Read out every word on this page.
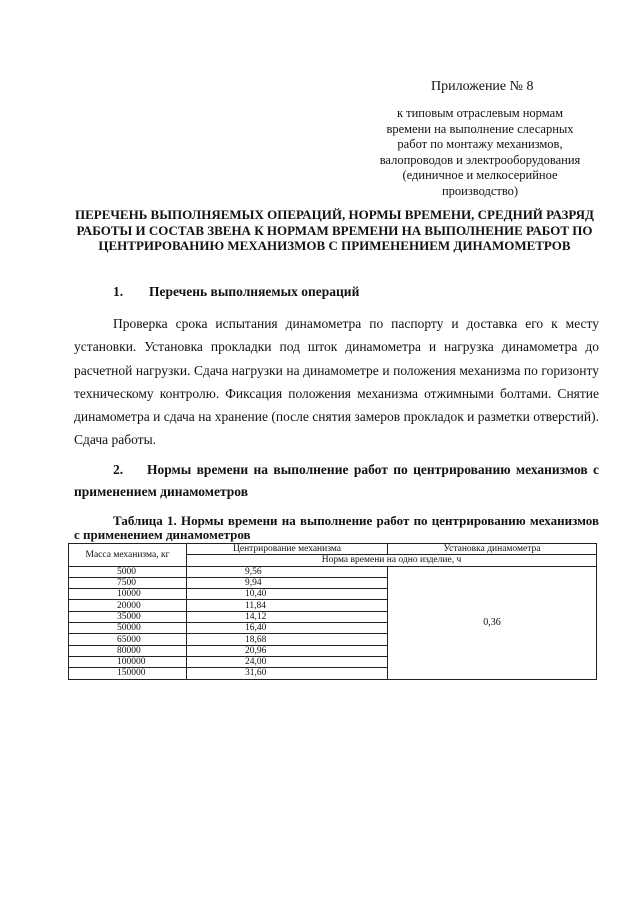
Приложение № 8
к типовым отраслевым нормам
времени на выполнение слесарных
работ по монтажу механизмов,
валопроводов и электрооборудования
(единичное и мелкосерийное
производство)
ПЕРЕЧЕНЬ ВЫПОЛНЯЕМЫХ ОПЕРАЦИЙ, НОРМЫ ВРЕМЕНИ, СРЕДНИЙ РАЗРЯД РАБОТЫ И СОСТАВ ЗВЕНА К НОРМАМ ВРЕМЕНИ НА ВЫПОЛНЕНИЕ РАБОТ ПО ЦЕНТРИРОВАНИЮ МЕХАНИЗМОВ С ПРИМЕНЕНИЕМ ДИНАМОМЕТРОВ
1. Перечень выполняемых операций

Проверка срока испытания динамометра по паспорту и доставка его к месту установки. Установка прокладки под шток динамометра и нагрузка динамометра до расчетной нагрузки. Сдача нагрузки на динамометре и положения механизма по горизонту техническому контролю. Фиксация положения механизма отжимными болтами. Снятие динамометра и сдача на хранение (после снятия замеров прокладок и разметки отверстий). Сдача работы.

2. Нормы времени на выполнение работ по центрированию механизмов с применением динамометров

Таблица 1. Нормы времени на выполнение работ по центрированию механизмов с применением динамометров

Масса механизма, кг	Центрирование механизма	Установка динамометра
	Норма времени на одно изделие, ч	
5000	9,56	0,36
7500	9,94	
10000	10,40	
20000	11,84	
35000	14,12	
50000	16,40	
65000	18,68	
80000	20,96	
100000	24,00	
150000	31,60	
